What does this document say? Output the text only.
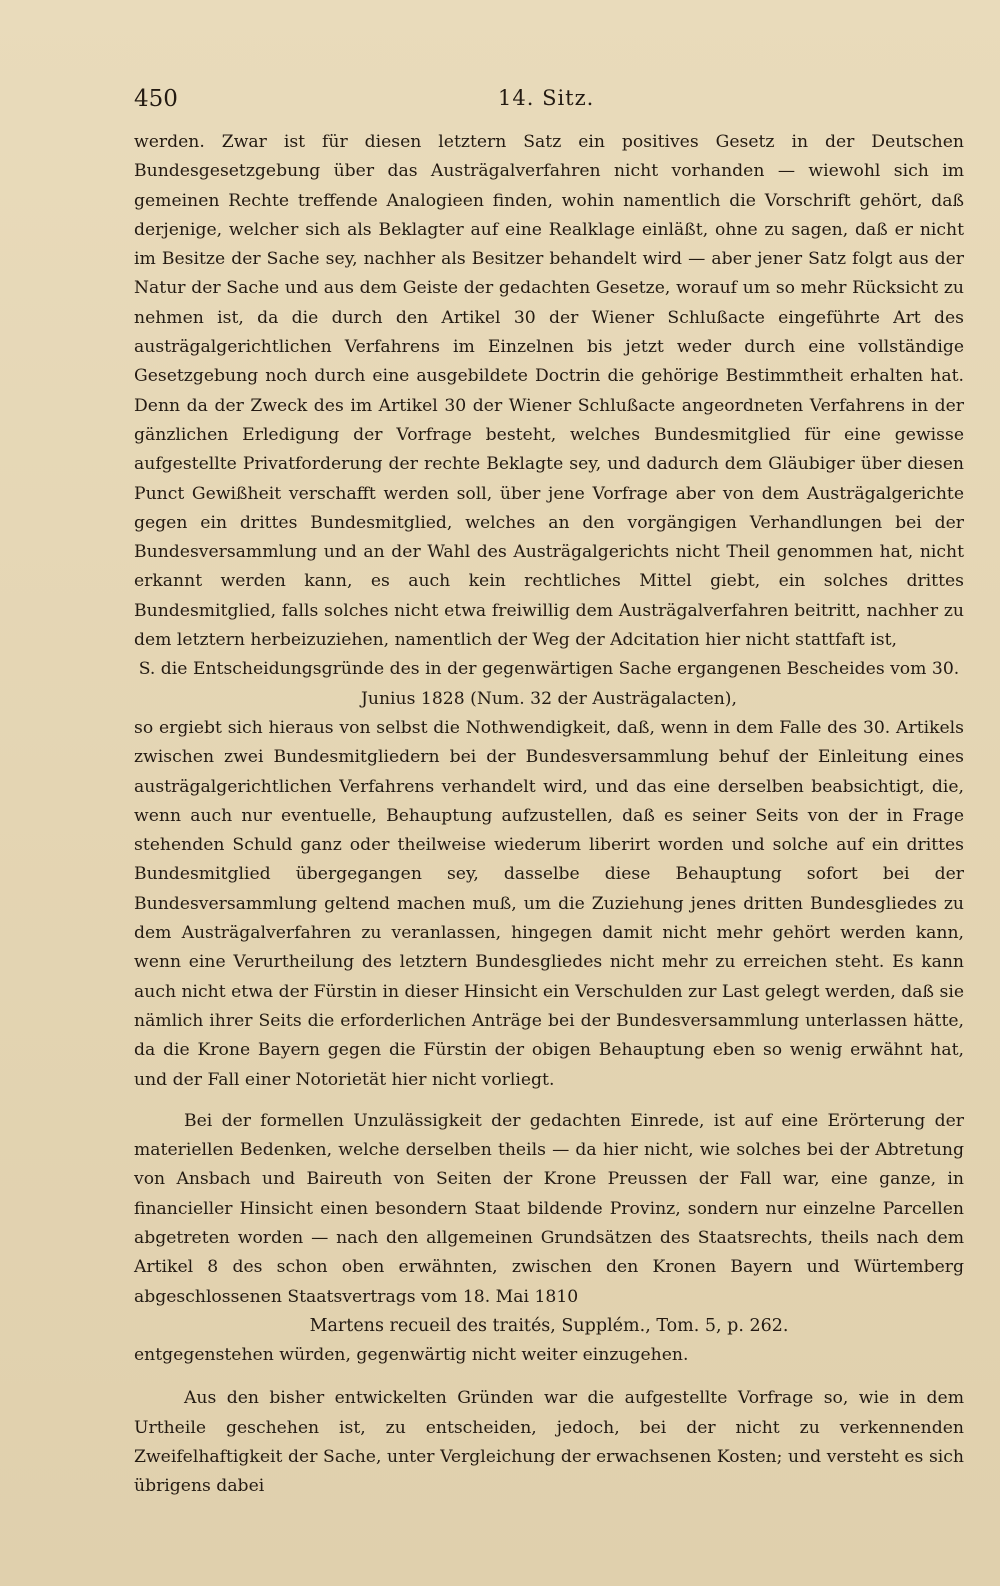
450	14. Sitz.

werden. Zwar ist für diesen letztern Satz ein positives Gesetz in der Deutschen Bundesgesetzgebung über das Austrägalverfahren nicht vorhanden — wiewohl sich im gemeinen Rechte treffende Analogieen finden, wohin namentlich die Vorschrift gehört, daß derjenige, welcher sich als Beklagter auf eine Realklage einläßt, ohne zu sagen, daß er nicht im Besitze der Sache sey, nachher als Besitzer behandelt wird — aber jener Satz folgt aus der Natur der Sache und aus dem Geiste der gedachten Gesetze, worauf um so mehr Rücksicht zu nehmen ist, da die durch den Artikel 30 der Wiener Schlußacte eingeführte Art des austrägalgerichtlichen Verfahrens im Einzelnen bis jetzt weder durch eine vollständige Gesetzgebung noch durch eine ausgebildete Doctrin die gehörige Bestimmtheit erhalten hat. Denn da der Zweck des im Artikel 30 der Wiener Schlußacte angeordneten Verfahrens in der gänzlichen Erledigung der Vorfrage besteht, welches Bundesmitglied für eine gewisse aufgestellte Privatforderung der rechte Beklagte sey, und dadurch dem Gläubiger über diesen Punct Gewißheit verschafft werden soll, über jene Vorfrage aber von dem Austrägalgerichte gegen ein drittes Bundesmitglied, welches an den vorgängigen Verhandlungen bei der Bundesversammlung und an der Wahl des Austrägalgerichts nicht Theil genommen hat, nicht erkannt werden kann, es auch kein rechtliches Mittel giebt, ein solches drittes Bundesmitglied, falls solches nicht etwa freiwillig dem Austrägalverfahren beitritt, nachher zu dem letztern herbeizuziehen, namentlich der Weg der Adcitation hier nicht stattfaft ist,

S. die Entscheidungsgründe des in der gegenwärtigen Sache ergangenen Bescheides vom 30. Junius 1828 (Num. 32 der Austrägalacten),

so ergiebt sich hieraus von selbst die Nothwendigkeit, daß, wenn in dem Falle des 30. Artikels zwischen zwei Bundesmitgliedern bei der Bundesversammlung behuf der Einleitung eines austrägalgerichtlichen Verfahrens verhandelt wird, und das eine derselben beabsichtigt, die, wenn auch nur eventuelle, Behauptung aufzustellen, daß es seiner Seits von der in Frage stehenden Schuld ganz oder theilweise wiederum liberirt worden und solche auf ein drittes Bundesmitglied übergegangen sey, dasselbe diese Behauptung sofort bei der Bundesversammlung geltend machen muß, um die Zuziehung jenes dritten Bundesgliedes zu dem Austrägalverfahren zu veranlassen, hingegen damit nicht mehr gehört werden kann, wenn eine Verurtheilung des letztern Bundesgliedes nicht mehr zu erreichen steht. Es kann auch nicht etwa der Fürstin in dieser Hinsicht ein Verschulden zur Last gelegt werden, daß sie nämlich ihrer Seits die erforderlichen Anträge bei der Bundesversammlung unterlassen hätte, da die Krone Bayern gegen die Fürstin der obigen Behauptung eben so wenig erwähnt hat, und der Fall einer Notorietät hier nicht vorliegt.

Bei der formellen Unzulässigkeit der gedachten Einrede, ist auf eine Erörterung der materiellen Bedenken, welche derselben theils — da hier nicht, wie solches bei der Abtretung von Ansbach und Baireuth von Seiten der Krone Preussen der Fall war, eine ganze, in financieller Hinsicht einen besondern Staat bildende Provinz, sondern nur einzelne Parcellen abgetreten worden — nach den allgemeinen Grundsätzen des Staatsrechts, theils nach dem Artikel 8 des schon oben erwähnten, zwischen den Kronen Bayern und Würtemberg abgeschlossenen Staatsvertrags vom 18. Mai 1810

Martens recueil des traités, Supplém., Tom. 5, p. 262.

entgegenstehen würden, gegenwärtig nicht weiter einzugehen.

Aus den bisher entwickelten Gründen war die aufgestellte Vorfrage so, wie in dem Urtheile geschehen ist, zu entscheiden, jedoch, bei der nicht zu verkennenden Zweifelhaftigkeit der Sache, unter Vergleichung der erwachsenen Kosten; und versteht es sich übrigens dabei
